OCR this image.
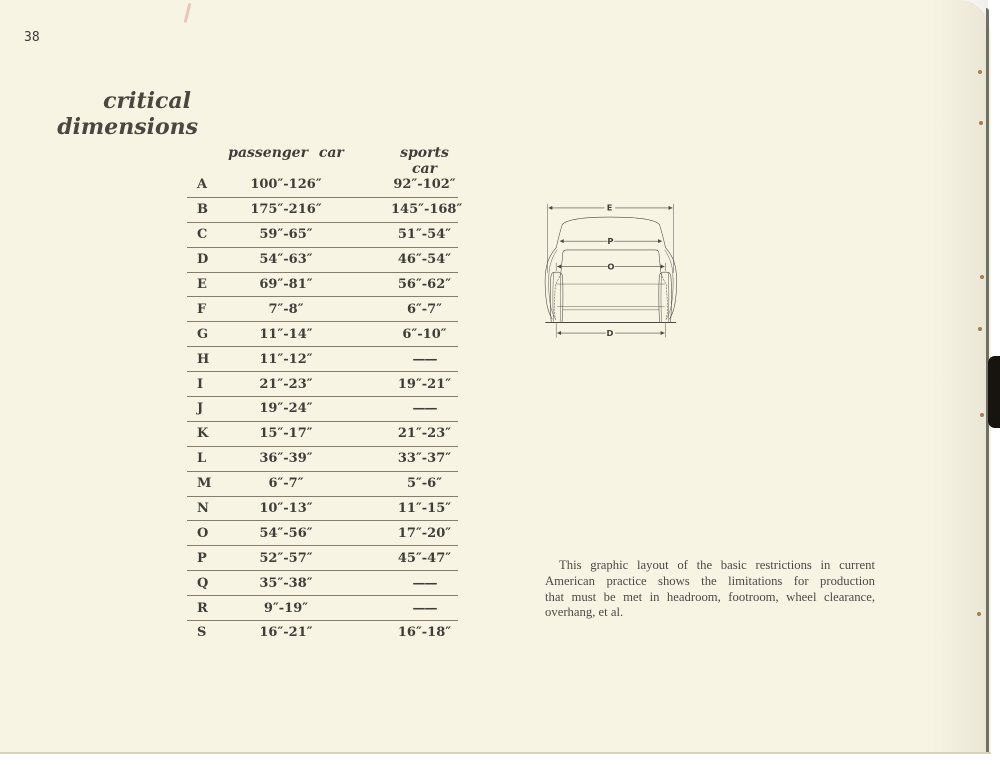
38
critical
dimensions
passenger car	sports car
A	100″-126″	92″-102″
B	175″-216″	145″-168″
C	59″-65″	51″-54″
D	54″-63″	46″-54″
E	69″-81″	56″-62″
F	7″-8″	6″-7″
G	11″-14″	6″-10″
H	11″-12″	——
I	21″-23″	19″-21″
J	19″-24″	——
K	15″-17″	21″-23″
L	36″-39″	33″-37″
M	6″-7″	5″-6″
N	10″-13″	11″-15″
O	54″-56″	17″-20″
P	52″-57″	45″-47″
Q	35″-38″	——
R	9″-19″	——
S	16″-21″	16″-18″
E
P
O
D
This graphic layout of the basic restrictions in current
American practice shows the limitations for production
that must be met in headroom, footroom, wheel clearance,
overhang, et al.
